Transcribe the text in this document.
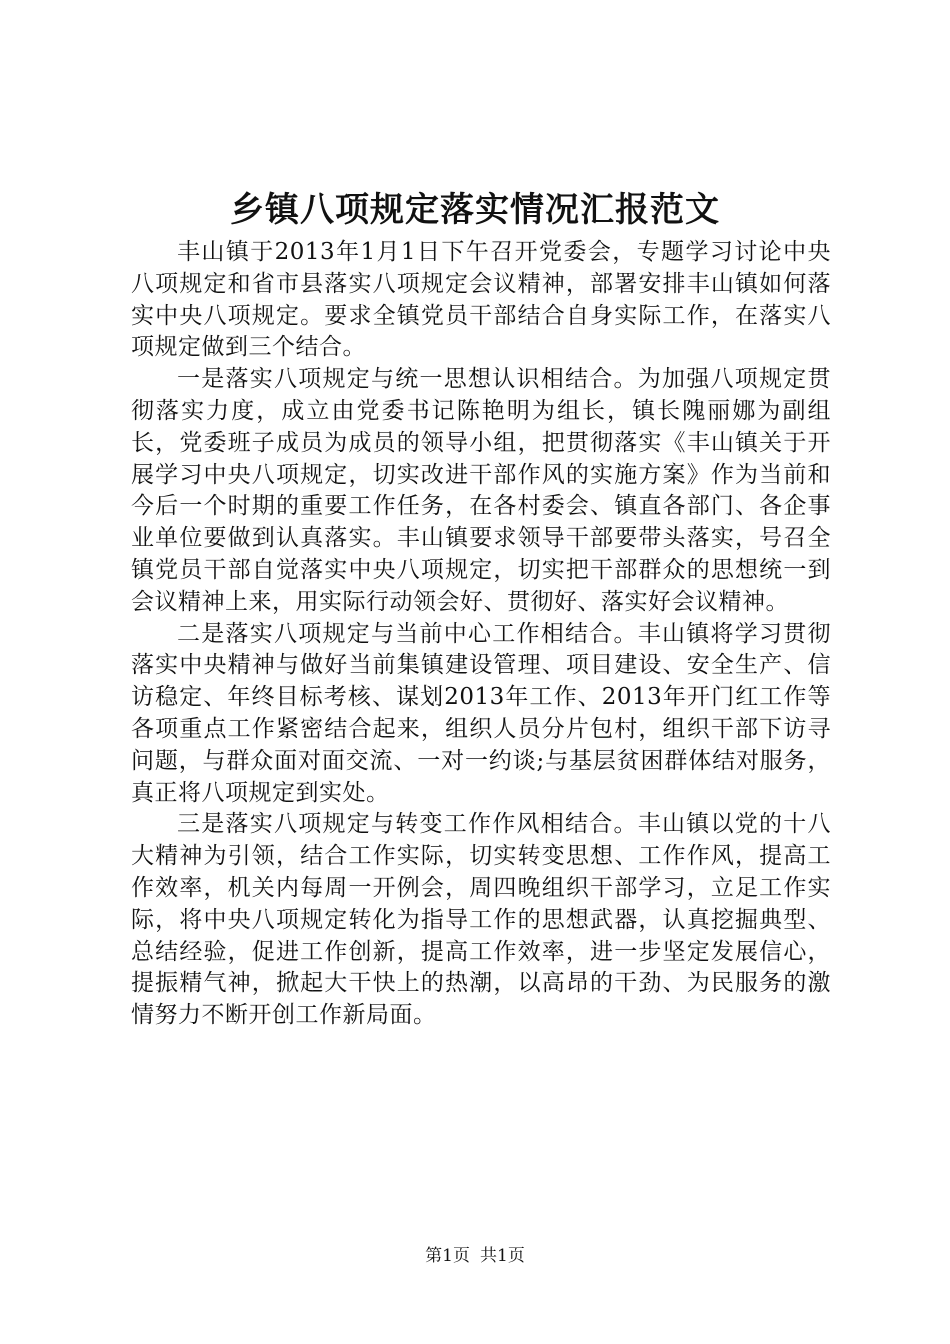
乡镇八项规定落实情况汇报范文

丰山镇于2013年1月1日下午召开党委会，专题学习讨论中央八项规定和省市县落实八项规定会议精神，部署安排丰山镇如何落实中央八项规定。要求全镇党员干部结合自身实际工作，在落实八项规定做到三个结合。

一是落实八项规定与统一思想认识相结合。为加强八项规定贯彻落实力度，成立由党委书记陈艳明为组长，镇长隗丽娜为副组长，党委班子成员为成员的领导小组，把贯彻落实《丰山镇关于开展学习中央八项规定，切实改进干部作风的实施方案》作为当前和今后一个时期的重要工作任务，在各村委会、镇直各部门、各企事业单位要做到认真落实。丰山镇要求领导干部要带头落实，号召全镇党员干部自觉落实中央八项规定，切实把干部群众的思想统一到会议精神上来，用实际行动领会好、贯彻好、落实好会议精神。

二是落实八项规定与当前中心工作相结合。丰山镇将学习贯彻落实中央精神与做好当前集镇建设管理、项目建设、安全生产、信访稳定、年终目标考核、谋划2013年工作、2013年开门红工作等各项重点工作紧密结合起来，组织人员分片包村，组织干部下访寻问题，与群众面对面交流、一对一约谈;与基层贫困群体结对服务，真正将八项规定到实处。

三是落实八项规定与转变工作作风相结合。丰山镇以党的十八大精神为引领，结合工作实际，切实转变思想、工作作风，提高工作效率，机关内每周一开例会，周四晚组织干部学习，立足工作实际，将中央八项规定转化为指导工作的思想武器，认真挖掘典型、总结经验，促进工作创新，提高工作效率，进一步坚定发展信心，提振精气神，掀起大干快上的热潮，以高昂的干劲、为民服务的激情努力不断开创工作新局面。

第1页 共1页
